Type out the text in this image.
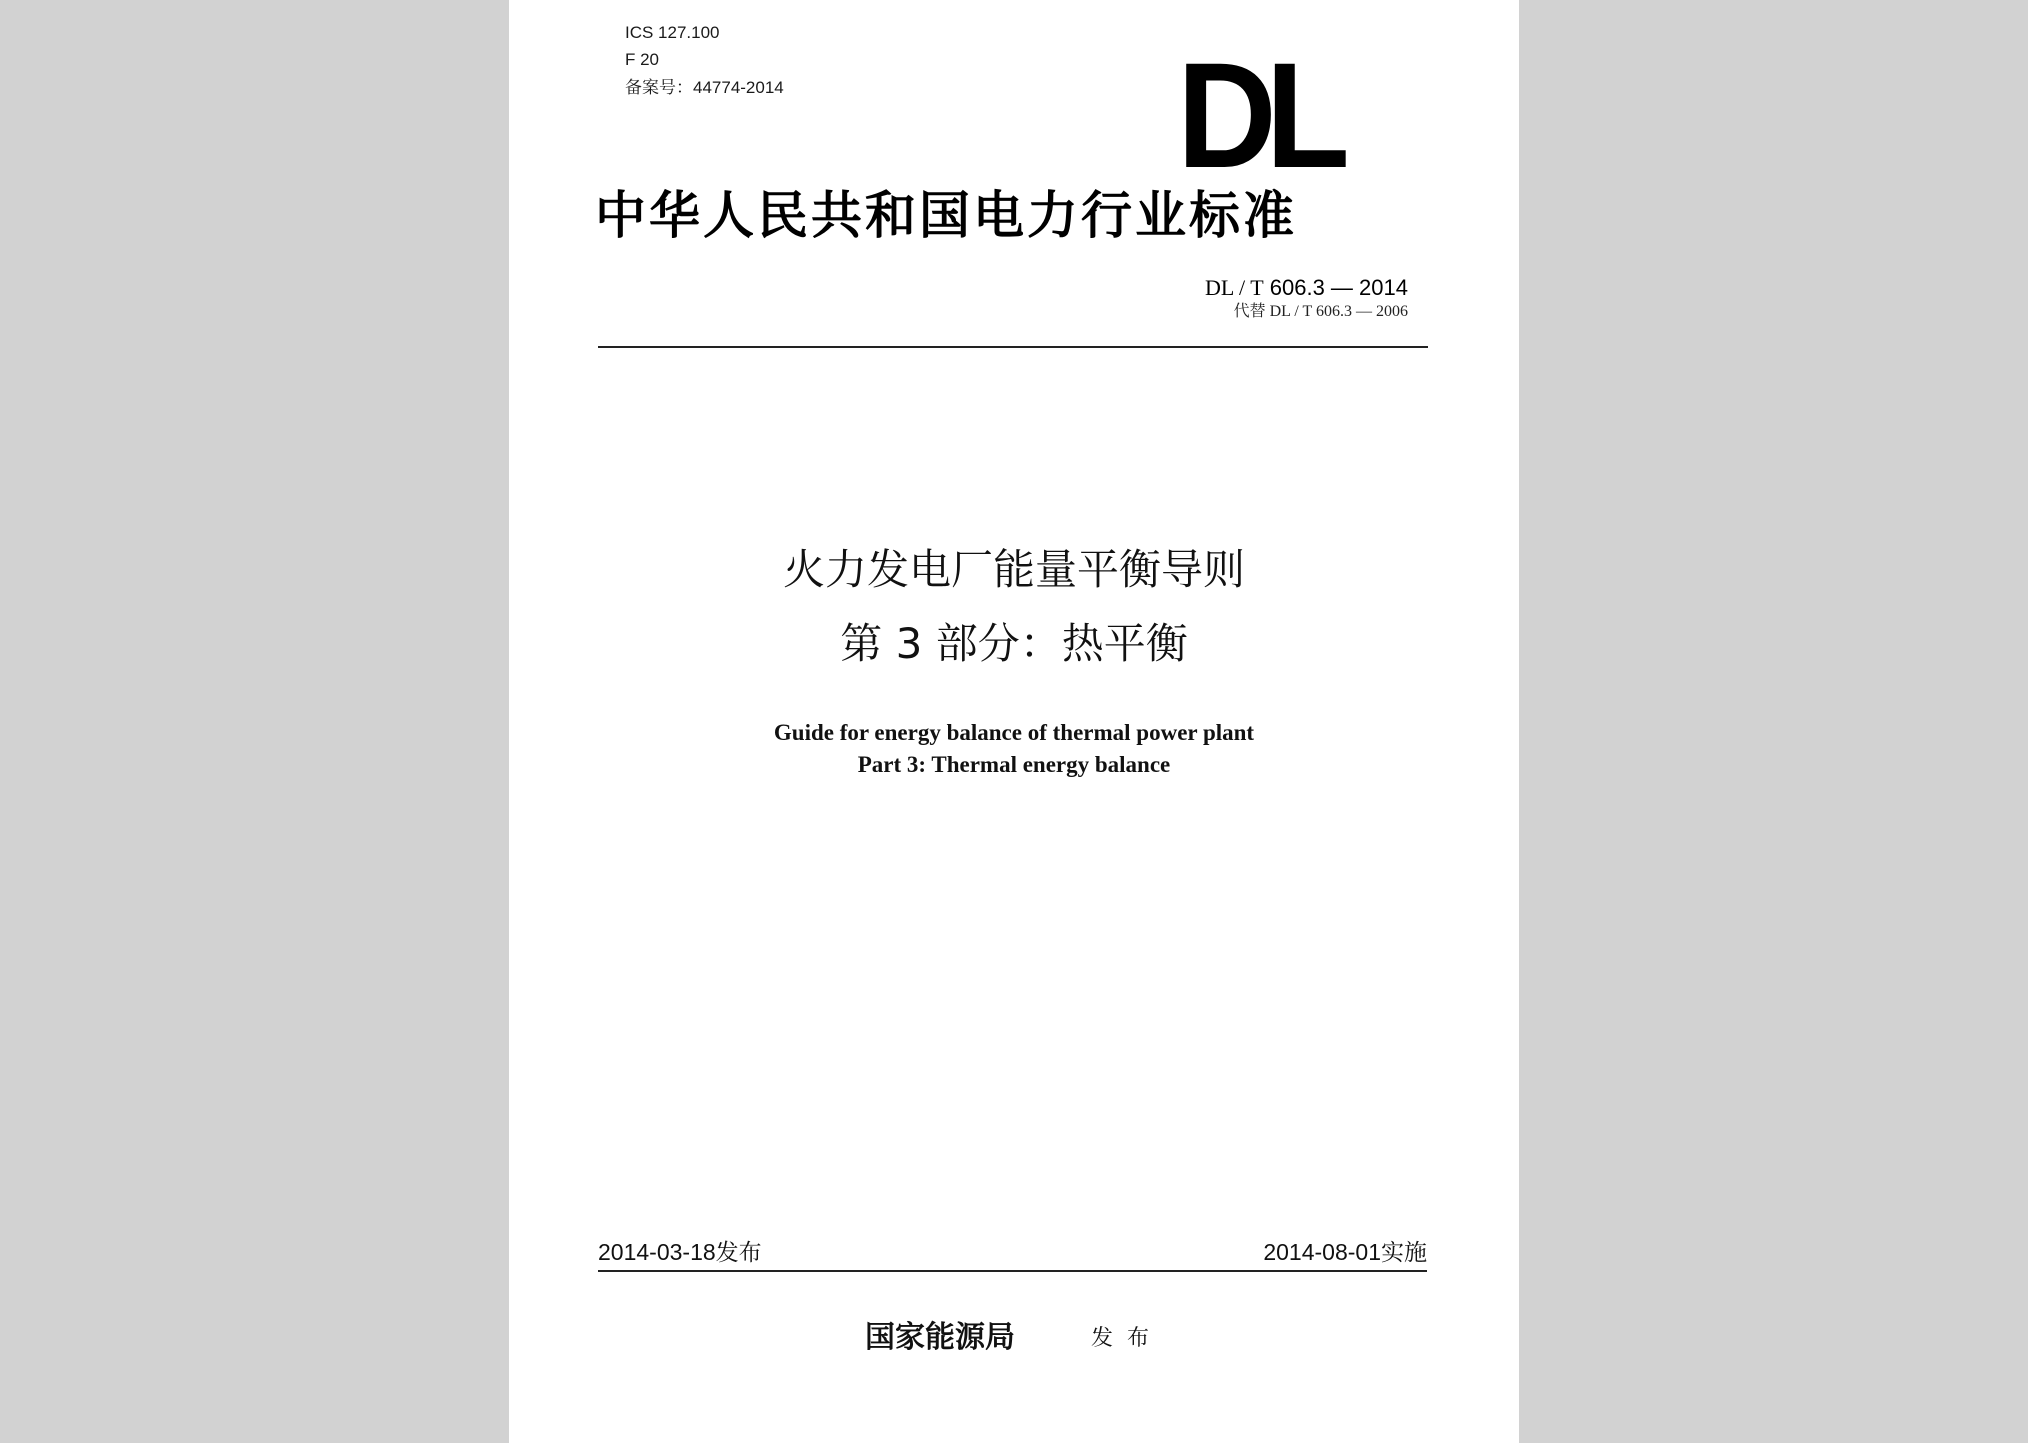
ICS 127.100
F 20
备案号：44774-2014	DL
中华人民共和国电力行业标准
DL / T 606.3 — 2014
代替 DL / T 606.3 — 2006
火力发电厂能量平衡导则
第 3 部分：热平衡
Guide for energy balance of thermal power plant
Part 3: Thermal energy balance
2014-03-18发布	2014-08-01实施
国家能源局	发布
